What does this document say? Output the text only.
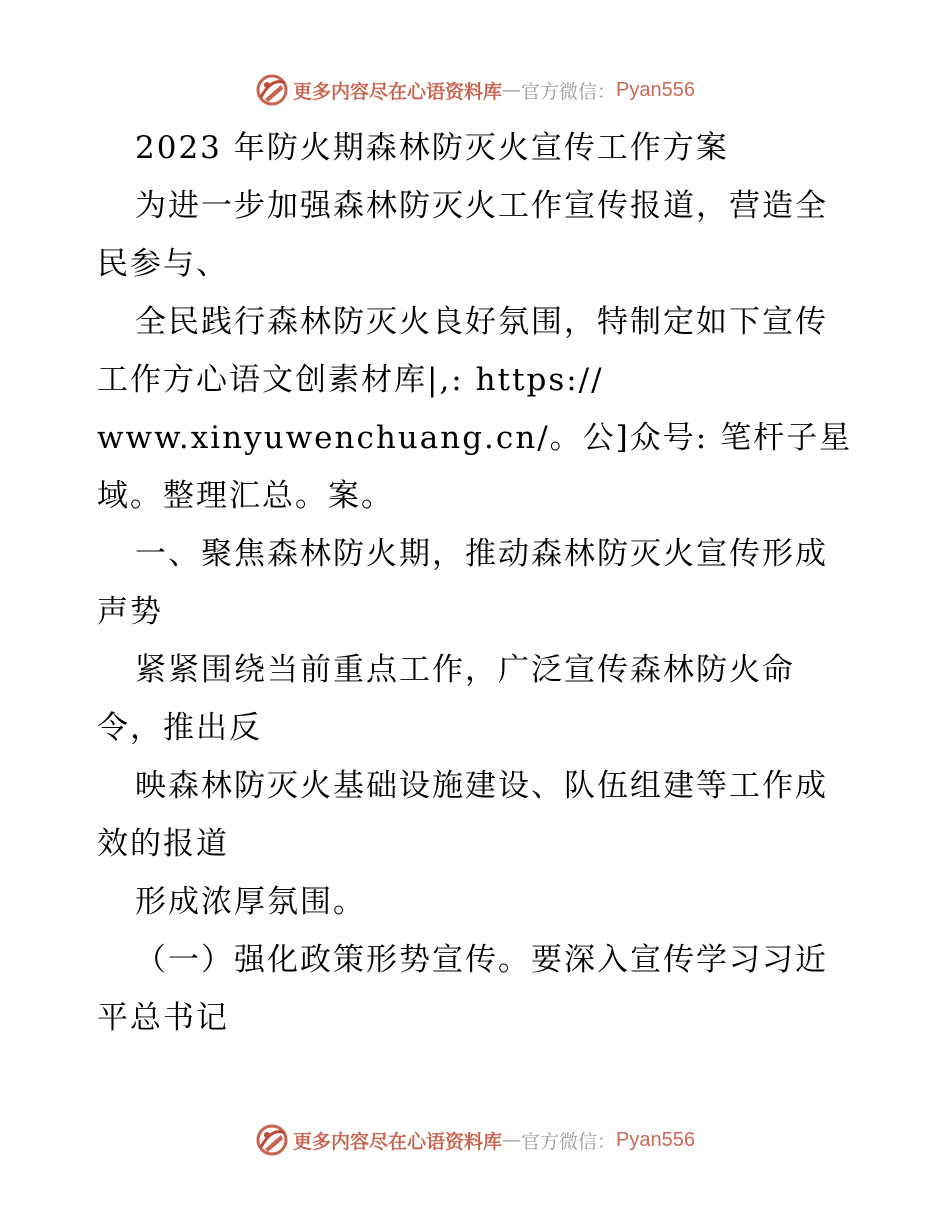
更多内容尽在心语资料库 — 官方微信： Pyan556
2023 年防火期森林防灭火宣传工作方案
为进一步加强森林防灭火工作宣传报道，营造全
民参与、
全民践行森林防灭火良好氛围，特制定如下宣传
工作方心语文创素材库|,: https://
www.xinyuwenchuang.cn/。公]众号: 笔杆子星
域。整理汇总。案。
一、聚焦森林防火期，推动森林防灭火宣传形成
声势
紧紧围绕当前重点工作，广泛宣传森林防火命
令，推出反
映森林防灭火基础设施建设、队伍组建等工作成
效的报道
形成浓厚氛围。
（一）强化政策形势宣传。要深入宣传学习习近
平总书记
更多内容尽在心语资料库 — 官方微信： Pyan556
